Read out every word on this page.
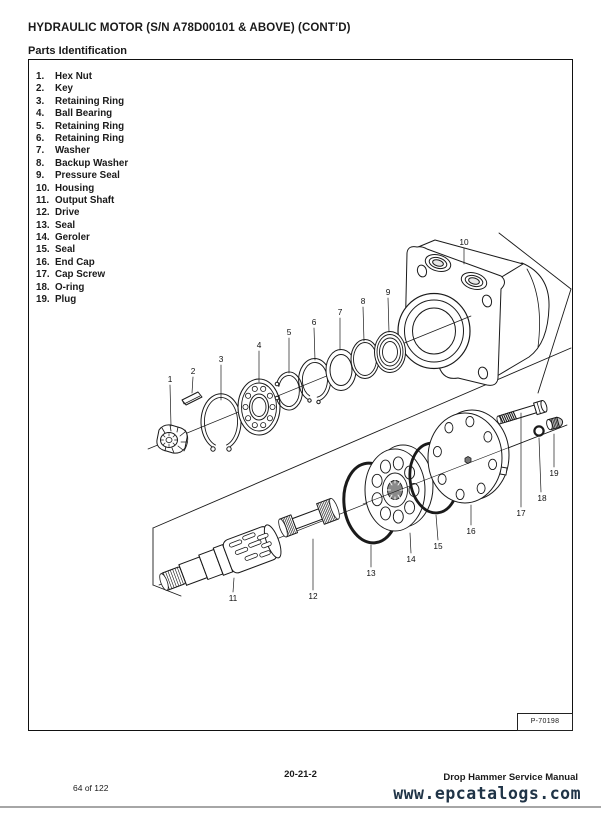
HYDRAULIC MOTOR (S/N A78D00101 & ABOVE) (CONT’D)
Parts Identification
1. Hex Nut
2. Key
3. Retaining Ring
4. Ball Bearing
5. Retaining Ring
6. Retaining Ring
7. Washer
8. Backup Washer
9. Pressure Seal
10. Housing
11. Output Shaft
12. Drive
13. Seal
14. Geroler
15. Seal
16. End Cap
17. Cap Screw
18. O-ring
19. Plug
1
2
3
4
5
6
7
8
9
10
11	12
13
14
15
16
17
18
19
P-70198
20-21-2	Drop Hammer Service Manual
64 of 122	www.epcatalogs.com
